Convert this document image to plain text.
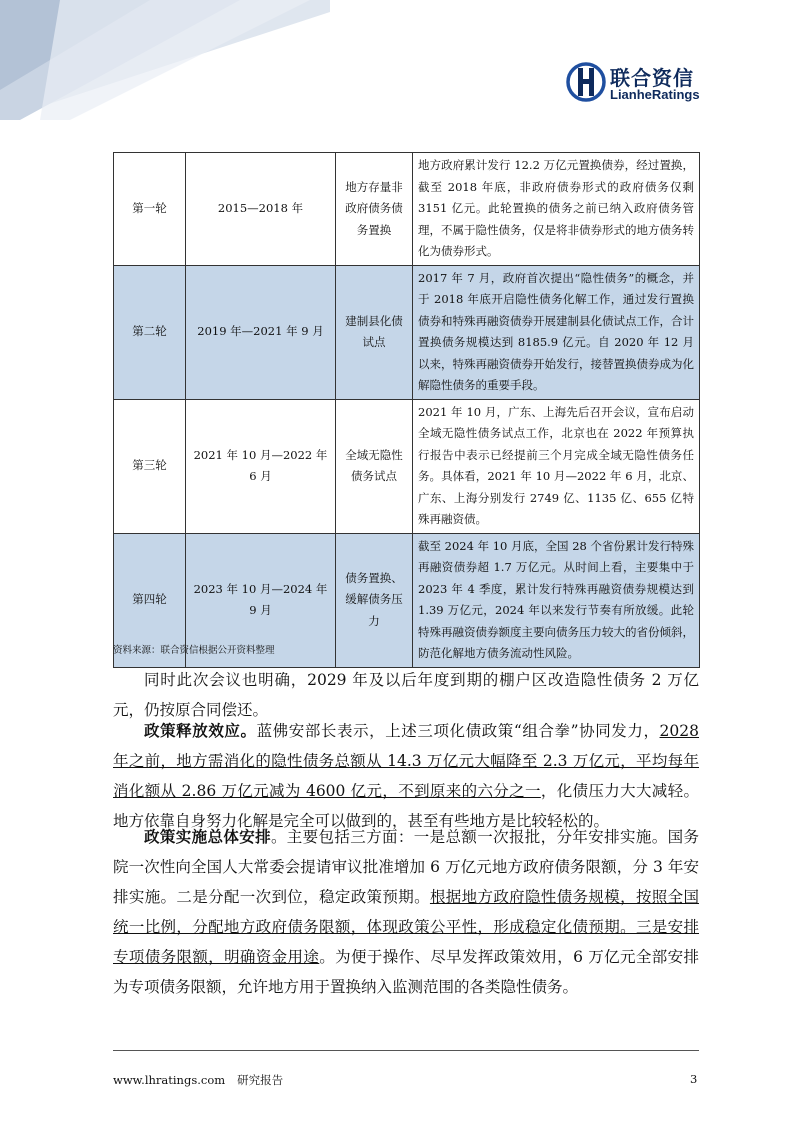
联合资信
LianheRatings
第一轮	2015—2018 年	地方存量非政府债务债务置换	地方政府累计发行 12.2 万亿元置换债券，经过置换，截至 2018 年底，非政府债券形式的政府债务仅剩 3151 亿元。此轮置换的债务之前已纳入政府债务管理，不属于隐性债务，仅是将非债券形式的地方债务转化为债券形式。
第二轮	2019 年—2021 年 9 月	建制县化债试点	2017 年 7 月，政府首次提出“隐性债务”的概念，并于 2018 年底开启隐性债务化解工作，通过发行置换债券和特殊再融资债券开展建制县化债试点工作，合计置换债务规模达到 8185.9 亿元。自 2020 年 12 月以来，特殊再融资债券开始发行，接替置换债券成为化解隐性债务的重要手段。
第三轮	2021 年 10 月—2022 年 6 月	全域无隐性债务试点	2021 年 10 月，广东、上海先后召开会议，宣布启动全域无隐性债务试点工作，北京也在 2022 年预算执行报告中表示已经提前三个月完成全域无隐性债务任务。具体看，2021 年 10 月—2022 年 6 月，北京、广东、上海分别发行 2749 亿、1135 亿、655 亿特殊再融资债。
第四轮	2023 年 10 月—2024 年 9 月	债务置换、缓解债务压力	截至 2024 年 10 月底，全国 28 个省份累计发行特殊再融资债券超 1.7 万亿元。从时间上看，主要集中于 2023 年 4 季度，累计发行特殊再融资债券规模达到 1.39 万亿元，2024 年以来发行节奏有所放缓。此轮特殊再融资债券额度主要向债务压力较大的省份倾斜，防范化解地方债务流动性风险。
资料来源：联合资信根据公开资料整理

同时此次会议也明确，2029 年及以后年度到期的棚户区改造隐性债务 2 万亿元，仍按原合同偿还。

政策释放效应。蓝佛安部长表示，上述三项化债政策“组合拳”协同发力，2028 年之前，地方需消化的隐性债务总额从 14.3 万亿元大幅降至 2.3 万亿元，平均每年消化额从 2.86 万亿元减为 4600 亿元，不到原来的六分之一，化债压力大大减轻。地方依靠自身努力化解是完全可以做到的，甚至有些地方是比较轻松的。

政策实施总体安排。主要包括三方面：一是总额一次报批，分年安排实施。国务院一次性向全国人大常委会提请审议批准增加 6 万亿元地方政府债务限额，分 3 年安排实施。二是分配一次到位，稳定政策预期。根据地方政府隐性债务规模，按照全国统一比例，分配地方政府债务限额，体现政策公平性，形成稳定化债预期。三是安排专项债务限额，明确资金用途。为便于操作、尽早发挥政策效用，6 万亿元全部安排为专项债务限额，允许地方用于置换纳入监测范围的各类隐性债务。

www.lhratings.com 研究报告	3
